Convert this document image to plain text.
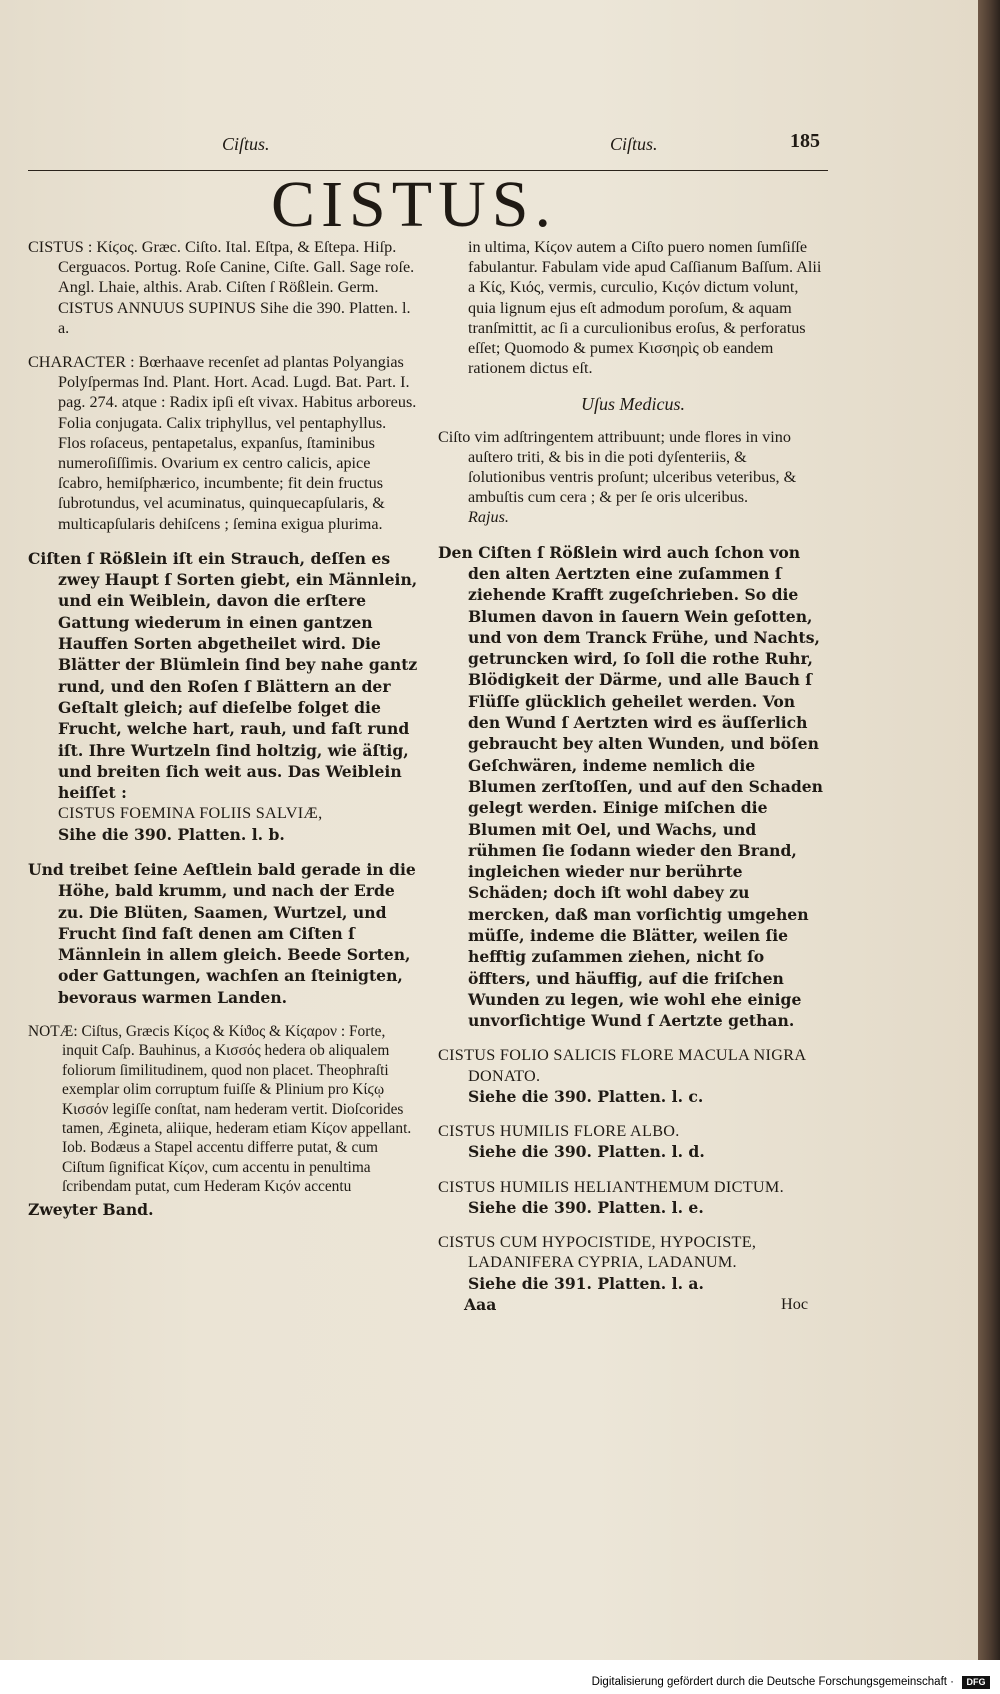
Ciſtus.	Ciſtus.	185
CISTUS.

CISTUS : Κίϛος. Græc. Ciſto. Ital. Eſtpa, & Eſtepa. Hiſp. Cerguacos. Portug. Roſe Canine, Ciſte. Gall. Sage roſe. Angl. Lhaie, althis. Arab. Ciſten ſ Rößlein. Germ. CISTUS ANNUUS SUPINUS Sihe die 390. Platten. l. a.

CHARACTER : Bœrhaave recenſet ad plantas Polyangias Polyſpermas Ind. Plant. Hort. Acad. Lugd. Bat. Part. I. pag. 274. atque : Radix ipſi eſt vivax. Habitus arboreus. Folia conjugata. Calix triphyllus, vel pentaphyllus. Flos roſaceus, pentapetalus, expanſus, ſtaminibus numeroſiſſimis. Ovarium ex centro calicis, apice ſcabro, hemiſphærico, incumbente; fit dein fructus ſubrotundus, vel acuminatus, quinquecapſularis, & multicapſularis dehiſcens ; ſemina exigua plurima.

Ciſten ſ Rößlein iſt ein Strauch, deſſen es zwey Haupt ſ Sorten giebt, ein Männlein, und ein Weiblein, davon die erſtere Gattung wiederum in einen gantzen Hauffen Sorten abgetheilet wird. Die Blätter der Blümlein ſind bey nahe gantz rund, und den Roſen ſ Blättern an der Geſtalt gleich; auf dieſelbe folget die Frucht, welche hart, rauh, und faſt rund iſt. Ihre Wurtzeln ſind holtzig, wie äſtig, und breiten ſich weit aus. Das Weiblein heiſſet :

CISTUS FOEMINA FOLIIS SALVIÆ,

Sihe die 390. Platten. l. b.

Und treibet ſeine Aeſtlein bald gerade in die Höhe, bald krumm, und nach der Erde zu. Die Blüten, Saamen, Wurtzel, und Frucht ſind faſt denen am Ciſten ſ Männlein in allem gleich. Beede Sorten, oder Gattungen, wachſen an ſteinigten, bevoraus warmen Landen.

NOTÆ: Ciſtus, Græcis Κίϛος & Κίϑος & Κίϛαρον : Forte, inquit Caſp. Bauhinus, a Κισσός hedera ob aliqualem foliorum ſimilitudinem, quod non placet. Theophraſti exemplar olim corruptum fuiſſe & Plinium pro Κίϛῳ Κισσόν legiſſe conſtat, nam hederam vertit. Dioſcorides tamen, Ægineta, aliique, hederam etiam Κίϛον appellant. Iob. Bodæus a Stapel accentu differre putat, & cum Ciſtum ſignificat Κίϛον, cum accentu in penultima ſcribendam putat, cum Hederam Κιϛόν accentu

Zweyter Band.

in ultima, Κίϛον autem a Ciſto puero nomen ſumſiſſe fabulantur. Fabulam vide apud Caſſianum Baſſum. Alii a Κίς, Κιός, vermis, curculio, Κιϛόν dictum volunt, quia lignum ejus eſt admodum poroſum, & aquam tranſmittit, ac ſi a curculionibus eroſus, & perforatus eſſet; Quomodo & pumex Κισσηρὶς ob eandem rationem dictus eſt.

Uſus Medicus.

Ciſto vim adſtringentem attribuunt; unde flores in vino auſtero triti, & bis in die poti dyſenteriis, & ſolutionibus ventris proſunt; ulceribus veteribus, & ambuſtis cum cera ; & per ſe oris ulceribus.

Rajus.

Den Ciſten ſ Rößlein wird auch ſchon von den alten Aertzten eine zuſammen ſ ziehende Krafft zugeſchrieben. So die Blumen davon in ſauern Wein geſotten, und von dem Tranck Frühe, und Nachts, getruncken wird, ſo ſoll die rothe Ruhr, Blödigkeit der Därme, und alle Bauch ſ Flüſſe glücklich geheilet werden. Von den Wund ſ Aertzten wird es äuſſerlich gebraucht bey alten Wunden, und böſen Geſchwären, indeme nemlich die Blumen zerſtoſſen, und auf den Schaden gelegt werden. Einige miſchen die Blumen mit Oel, und Wachs, und rühmen ſie ſodann wieder den Brand, ingleichen wieder nur berührte Schäden; doch iſt wohl dabey zu mercken, daß man vorſichtig umgehen müſſe, indeme die Blätter, weilen ſie hefftig zuſammen ziehen, nicht ſo öffters, und häuffig, auf die friſchen Wunden zu legen, wie wohl ehe einige unvorſichtige Wund ſ Aertzte gethan.

CISTUS FOLIO SALICIS FLORE MACULA NIGRA DONATO.

Siehe die 390. Platten. l. c.

CISTUS HUMILIS FLORE ALBO.

Siehe die 390. Platten. l. d.

CISTUS HUMILIS HELIANTHEMUM DICTUM.

Siehe die 390. Platten. l. e.

CISTUS CUM HYPOCISTIDE, HYPOCISTE, LADANIFERA CYPRIA, LADANUM.

Siehe die 391. Platten. l. a.

Aaa	Hoc
Digitalisierung gefördert durch die Deutsche Forschungsgemeinschaft ·	DFG
